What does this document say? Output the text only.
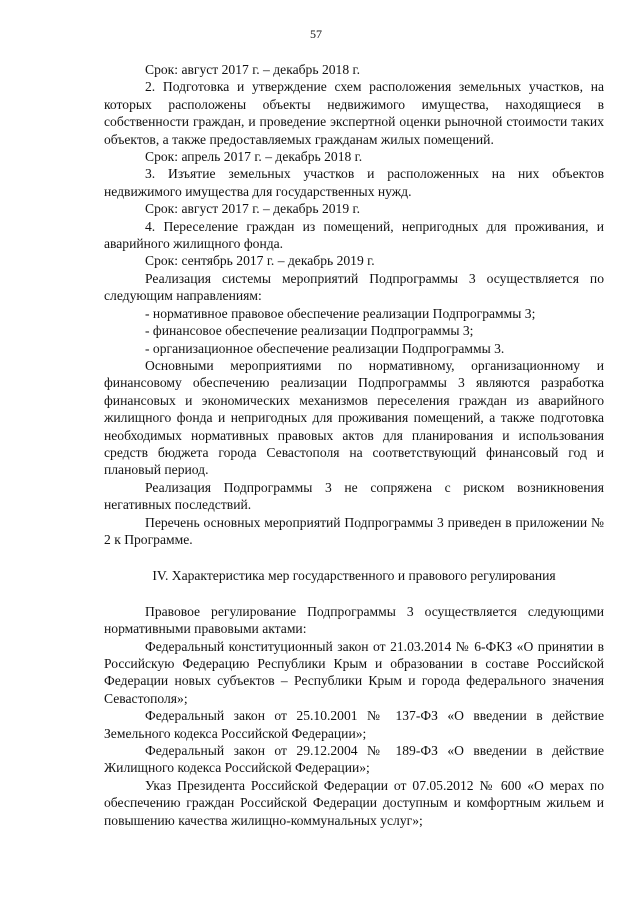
57

Срок: август 2017 г. – декабрь 2018 г.

2. Подготовка и утверждение схем расположения земельных участков, на которых расположены объекты недвижимого имущества, находящиеся в собственности граждан, и проведение экспертной оценки рыночной стоимости таких объектов, а также предоставляемых гражданам жилых помещений.

Срок: апрель 2017 г. – декабрь 2018 г.

3. Изъятие земельных участков и расположенных на них объектов недвижимого имущества для государственных нужд.

Срок: август 2017 г. – декабрь 2019 г.

4. Переселение граждан из помещений, непригодных для проживания, и аварийного жилищного фонда.

Срок: сентябрь 2017 г. – декабрь 2019 г.

Реализация системы мероприятий Подпрограммы 3 осуществляется по следующим направлениям:

- нормативное правовое обеспечение реализации Подпрограммы 3;

- финансовое обеспечение реализации Подпрограммы 3;

- организационное обеспечение реализации Подпрограммы 3.

Основными мероприятиями по нормативному, организационному и финансовому обеспечению реализации Подпрограммы 3 являются разработка финансовых и экономических механизмов переселения граждан из аварийного жилищного фонда и непригодных для проживания помещений, а также подготовка необходимых нормативных правовых актов для планирования и использования средств бюджета города Севастополя на соответствующий финансовый год и плановый период.

Реализация Подпрограммы 3 не сопряжена с риском возникновения негативных последствий.

Перечень основных мероприятий Подпрограммы 3 приведен в приложении № 2 к Программе.

IV. Характеристика мер государственного и правового регулирования

Правовое регулирование Подпрограммы 3 осуществляется следующими нормативными правовыми актами:

Федеральный конституционный закон от 21.03.2014 № 6-ФКЗ «О принятии в Российскую Федерацию Республики Крым и образовании в составе Российской Федерации новых субъектов – Республики Крым и города федерального значения Севастополя»;

Федеральный закон от 25.10.2001 № 137-ФЗ «О введении в действие Земельного кодекса Российской Федерации»;

Федеральный закон от 29.12.2004 № 189-ФЗ «О введении в действие Жилищного кодекса Российской Федерации»;

Указ Президента Российской Федерации от 07.05.2012 № 600 «О мерах по обеспечению граждан Российской Федерации доступным и комфортным жильем и повышению качества жилищно-коммунальных услуг»;
